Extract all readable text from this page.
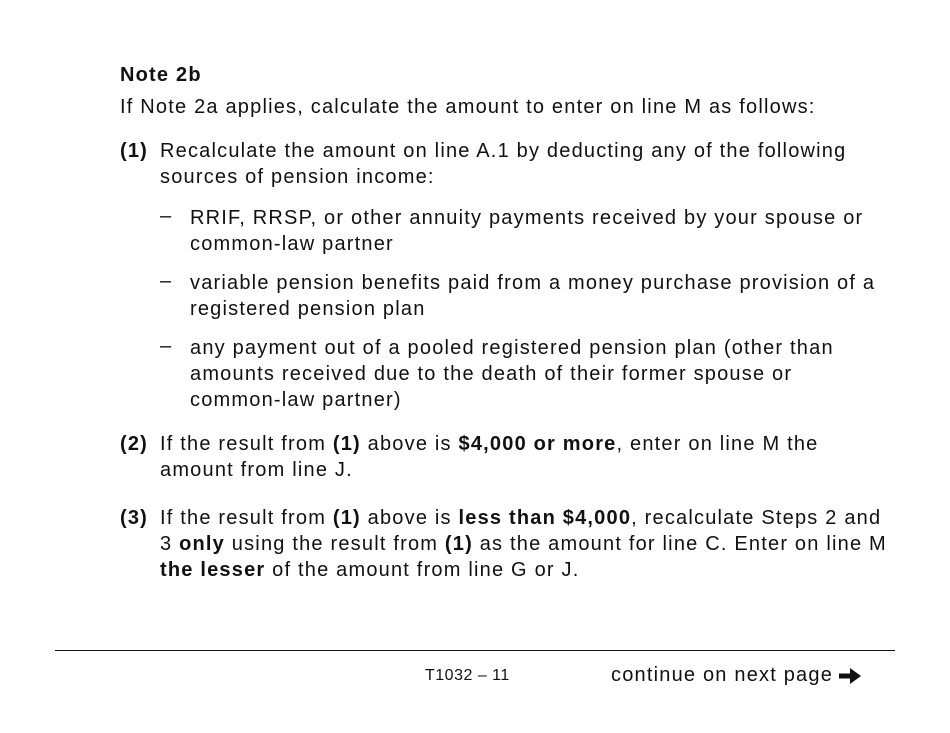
Note 2b

If Note 2a applies, calculate the amount to enter on line M as follows:

(1) Recalculate the amount on line A.1 by deducting any of the following sources of pension income:
– RRIF, RRSP, or other annuity payments received by your spouse or common-law partner
– variable pension benefits paid from a money purchase provision of a registered pension plan
– any payment out of a pooled registered pension plan (other than amounts received due to the death of their former spouse or common-law partner)
(2) If the result from (1) above is $4,000 or more, enter on line M the amount from line J.
(3) If the result from (1) above is less than $4,000, recalculate Steps 2 and 3 only using the result from (1) as the amount for line C. Enter on line M the lesser of the amount from line G or J.
T1032 – 11	continue on next page
